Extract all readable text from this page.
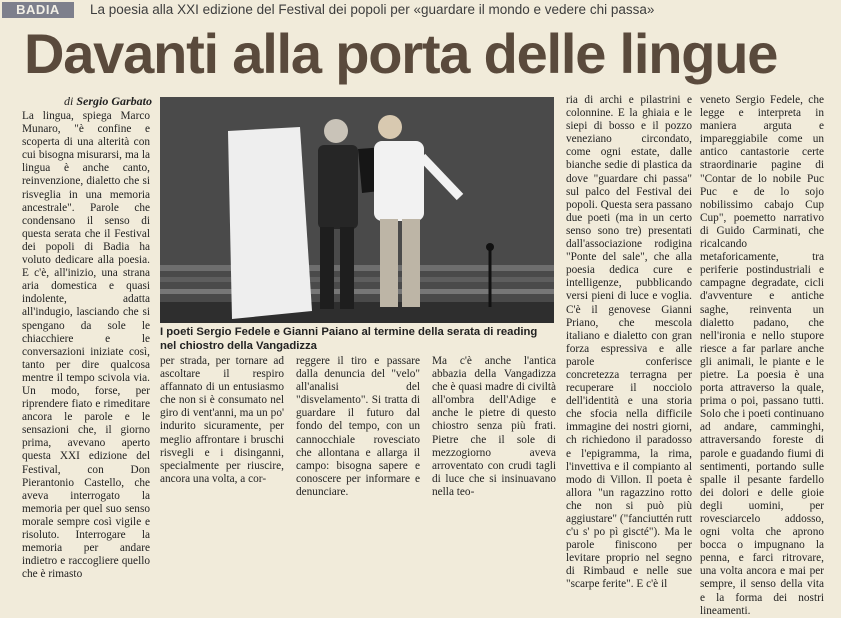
BADIA	La poesia alla XXI edizione del Festival dei popoli per «guardare il mondo e vedere chi passa»
Davanti alla porta delle lingue
di Sergio Garbato

La lingua, spiega Marco Munaro, "è confine e scoperta di una alterità con cui bisogna misurarsi, ma la lingua è anche canto, reinvenzione, dialetto che si risveglia in una memoria ancestrale". Parole che condensano il senso di questa serata che il Festival dei popoli di Badia ha voluto dedicare alla poesia. E c'è, all'inizio, una strana aria domestica e quasi indolente, adatta all'indugio, lasciando che si spengano da sole le chiacchiere e le conversazioni iniziate così, tanto per dire qualcosa mentre il tempo scivola via. Un modo, forse, per riprendere fiato e rimeditare ancora le parole e le sensazioni che, il giorno prima, avevano aperto questa XXI edizione del Festival, con Don Pierantonio Castello, che aveva interrogato la memoria per quel suo senso morale sempre così vigile e risoluto. Interrogare la memoria per andare indietro e raccogliere quello che è rimasto

I poeti Sergio Fedele e Gianni Paiano al termine della serata di reading nel chiostro della Vangadizza

per strada, per tornare ad ascoltare il respiro affannato di un entusiasmo che non si è consumato nel giro di vent'anni, ma un po' indurito sicuramente, per meglio affrontare i bruschi risvegli e i disinganni, specialmente per riuscire, ancora una volta, a cor-

reggere il tiro e passare dalla denuncia del "velo" all'analisi del "disvelamento". Si tratta di guardare il futuro dal fondo del tempo, con un cannocchiale rovesciato che allontana e allarga il campo: bisogna sapere e conoscere per informare e denunciare.

Ma c'è anche l'antica abbazia della Vangadizza che è quasi madre di civiltà all'ombra dell'Adige e anche le pietre di questo chiostro senza più frati. Pietre che il sole di mezzogiorno aveva arroventato con crudi tagli di luce che si insinuavano nella teo-

ria di archi e pilastrini e colonnine. E la ghiaia e le siepi di bosso e il pozzo veneziano circondato, come ogni estate, dalle bianche sedie di plastica da dove "guardare chi passa" sul palco del Festival dei popoli. Questa sera passano due poeti (ma in un certo senso sono tre) presentati dall'associazione rodigina "Ponte del sale", che alla poesia dedica cure e intelligenze, pubblicando versi pieni di luce e voglia. C'è il genovese Gianni Priano, che mescola italiano e dialetto con gran forza espressiva e alle parole conferisce concretezza terragna per recuperare il nocciolo dell'identità e una storia che sfocia nella difficile immagine dei nostri giorni, ch richiedono il paradosso e l'epigramma, la rima, l'invettiva e il compianto al modo di Villon. Il poeta è allora "un ragazzino rotto che non si può più aggiustare" ("fanciuttén rutt c'u s' po pì giscté"). Ma le parole finiscono per levitare proprio nel segno di Rimbaud e nelle sue "scarpe ferite". E c'è il

veneto Sergio Fedele, che legge e interpreta in maniera arguta e impareggiabile come un antico cantastorie certe straordinarie pagine di "Contar de lo nobile Puc Puc e de lo sojo nobilissimo cabajo Cup Cup", poemetto narrativo di Guido Carminati, che ricalcando metaforicamente, tra periferie postindustriali e campagne degradate, cicli d'avventure e antiche saghe, reinventa un dialetto padano, che nell'ironia e nello stupore riesce a far parlare anche gli animali, le piante e le pietre. La poesia è una porta attraverso la quale, prima o poi, passano tutti. Solo che i poeti continuano ad andare, camminghi, attraversando foreste di parole e guadando fiumi di sentimenti, portando sulle spalle il pesante fardello dei dolori e delle gioie degli uomini, per rovesciarcelo addosso, ogni volta che aprono bocca o impugnano la penna, e farci ritrovare, una volta ancora e mai per sempre, il senso della vita e la forma dei nostri lineamenti.
